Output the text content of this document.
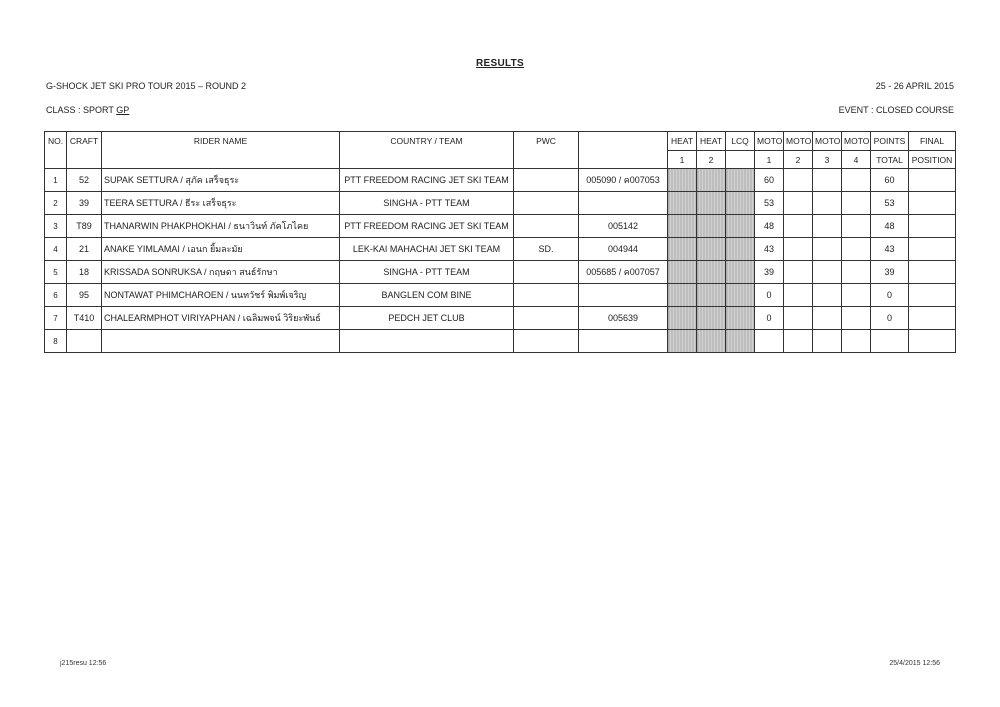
RESULTS
G-SHOCK JET SKI PRO TOUR 2015 – ROUND 2	25 - 26 APRIL 2015
CLASS : SPORT GP	EVENT : CLOSED COURSE
NO.	CRAFT	RIDER NAME	COUNTRY / TEAM	PWC		HEAT	HEAT	LCQ	MOTO	MOTO	MOTO	MOTO	POINTS	FINAL
						1	2		1	2	3	4	TOTAL	POSITION
1	52	SUPAK SETTURA / สุภัค เสร็จธุระ	PTT FREEDOM RACING JET SKI TEAM		005090 / ค007053				60				60	
2	39	TEERA SETTURA / ธีระ เสร็จธุระ	SINGHA - PTT TEAM						53				53	
3	T89	THANARWIN PHAKPHOKHAI / ธนาวินท์ ภัคโภไคย	PTT FREEDOM RACING JET SKI TEAM		005142				48				48	
4	21	ANAKE YIMLAMAI / เอนก ยิ้มละมัย	LEK-KAI MAHACHAI JET SKI TEAM	SD.	004944				43				43	
5	18	KRISSADA SONRUKSA / กฤษดา สนธ์รักษา	SINGHA - PTT TEAM		005685 / ค007057				39				39	
6	95	NONTAWAT PHIMCHAROEN / นนทวัชร์ พิมพ์เจริญ	BANGLEN COM BINE						0				0	
7	T410	CHALEARMPHOT VIRIYAPHAN / เฉลิมพจน์ วิริยะพันธ์	PEDCH JET CLUB		005639				0				0	
8														
j215resu 12:56	25/4/2015 12:56
